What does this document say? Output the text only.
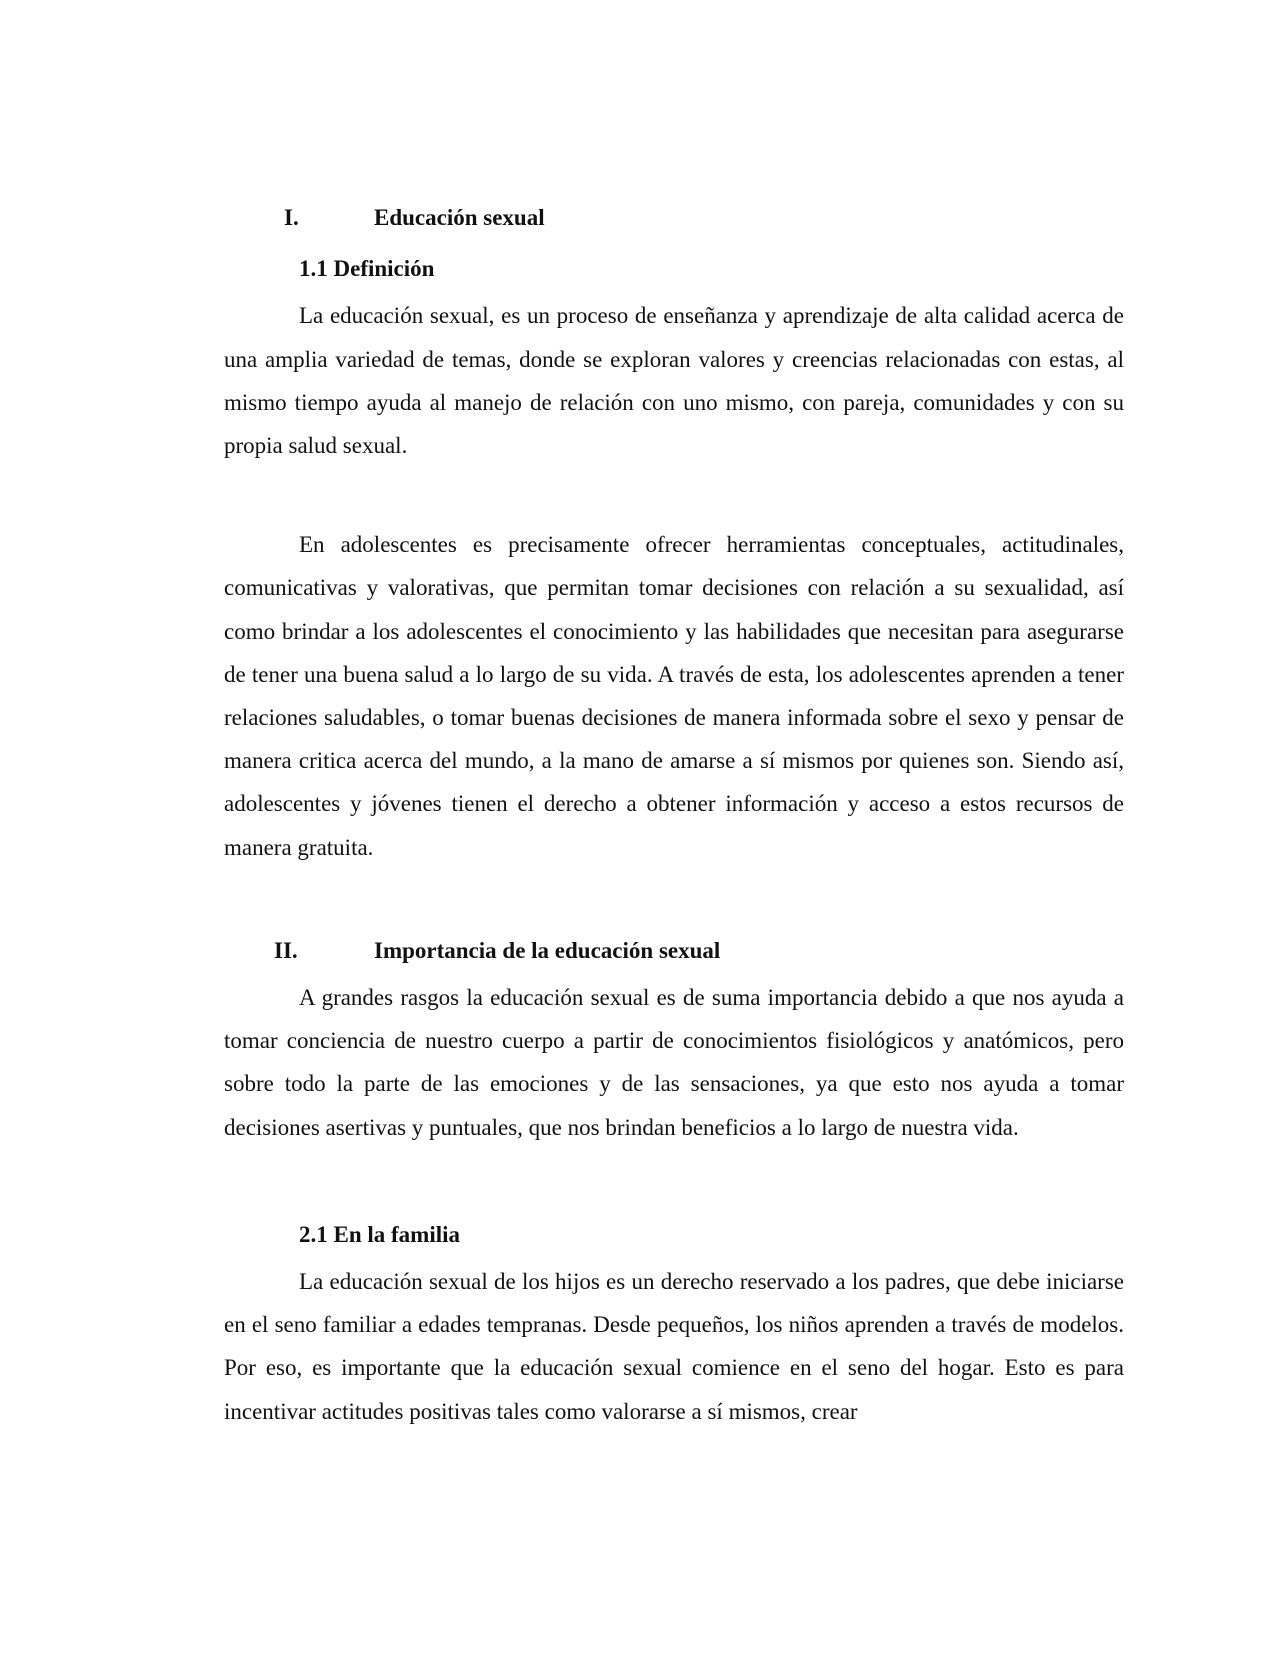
I.	Educación sexual
1.1 Definición

La educación sexual, es un proceso de enseñanza y aprendizaje de alta calidad acerca de una amplia variedad de temas, donde se exploran valores y creencias relacionadas con estas, al mismo tiempo ayuda al manejo de relación con uno mismo, con pareja, comunidades y con su propia salud sexual.

En adolescentes es precisamente ofrecer herramientas conceptuales, actitudinales, comunicativas y valorativas, que permitan tomar decisiones con relación a su sexualidad, así como brindar a los adolescentes el conocimiento y las habilidades que necesitan para asegurarse de tener una buena salud a lo largo de su vida. A través de esta, los adolescentes aprenden a tener relaciones saludables, o tomar buenas decisiones de manera informada sobre el sexo y pensar de manera critica acerca del mundo, a la mano de amarse a sí mismos por quienes son. Siendo así, adolescentes y jóvenes tienen el derecho a obtener información y acceso a estos recursos de manera gratuita.

II.	Importancia de la educación sexual

A grandes rasgos la educación sexual es de suma importancia debido a que nos ayuda a tomar conciencia de nuestro cuerpo a partir de conocimientos fisiológicos y anatómicos, pero sobre todo la parte de las emociones y de las sensaciones, ya que esto nos ayuda a tomar decisiones asertivas y puntuales, que nos brindan beneficios a lo largo de nuestra vida.

2.1 En la familia

La educación sexual de los hijos es un derecho reservado a los padres, que debe iniciarse en el seno familiar a edades tempranas. Desde pequeños, los niños aprenden a través de modelos. Por eso, es importante que la educación sexual comience en el seno del hogar. Esto es para incentivar actitudes positivas tales como valorarse a sí mismos, crear
